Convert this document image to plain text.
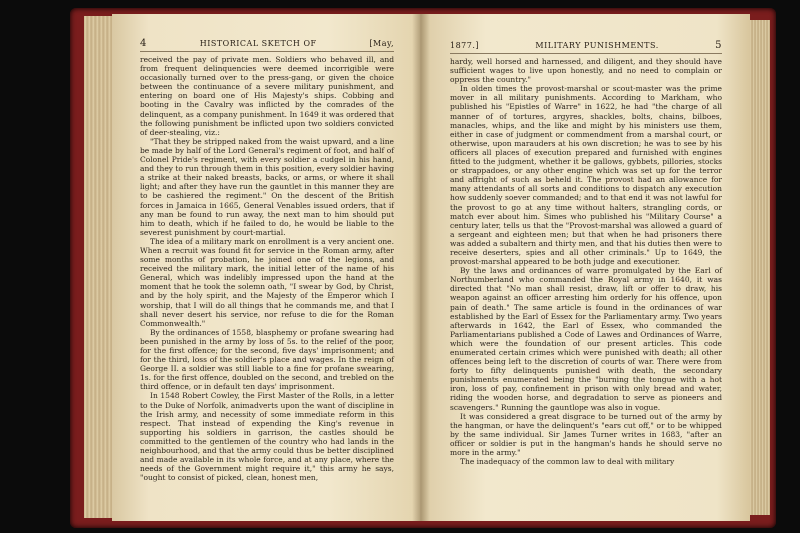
4	HISTORICAL SKETCH OF	[May,

received the pay of private men. Soldiers who behaved ill, and from frequent delinquencies were deemed incorrigible were occasionally turned over to the press-gang, or given the choice between the continuance of a severe military punishment, and entering on board one of His Majesty's ships. Cobbing and booting in the Cavalry was inflicted by the comrades of the delinquent, as a company punishment. In 1649 it was ordered that the following punishment be inflicted upon two soldiers convicted of deer-stealing, viz.:

"That they be stripped naked from the waist upward, and a line be made by half of the Lord General's regiment of foot, and half of Colonel Pride's regiment, with every soldier a cudgel in his hand, and they to run through them in this position, every soldier having a strike at their naked breasts, backs, or arms, or where it shall light; and after they have run the gauntlet in this manner they are to be cashiered the regiment." On the descent of the British forces in Jamaica in 1665, General Venables issued orders, that if any man be found to run away, the next man to him should put him to death, which if he failed to do, he would be liable to the severest punishment by court-martial.

The idea of a military mark on enrollment is a very ancient one. When a recruit was found fit for service in the Roman army, after some months of probation, he joined one of the legions, and received the military mark, the initial letter of the name of his General, which was indelibly impressed upon the hand at the moment that he took the solemn oath, "I swear by God, by Christ, and by the holy spirit, and the Majesty of the Emperor which I worship, that I will do all things that he commands me, and that I shall never desert his service, nor refuse to die for the Roman Commonwealth."

By the ordinances of 1558, blasphemy or profane swearing had been punished in the army by loss of 5s. to the relief of the poor, for the first offence; for the second, five days' imprisonment; and for the third, loss of the soldier's place and wages. In the reign of George II. a soldier was still liable to a fine for profane swearing, 1s. for the first offence, doubled on the second, and trebled on the third offence, or in default ten days' imprisonment.

In 1548 Robert Cowley, the First Master of the Rolls, in a letter to the Duke of Norfolk, animadverts upon the want of discipline in the Irish army, and necessity of some immediate reform in this respect. That instead of expending the King's revenue in supporting his soldiers in garrison, the castles should be committed to the gentlemen of the country who had lands in the neighbourhood, and that the army could thus be better disciplined and made available in its whole force, and at any place, where the needs of the Government might require it," this army he says, "ought to consist of picked, clean, honest men,

1877.]	MILITARY PUNISHMENTS.	5

hardy, well horsed and harnessed, and diligent, and they should have sufficient wages to live upon honestly, and no need to complain or oppress the country."

In olden times the provost-marshal or scout-master was the prime mover in all military punishments. According to Markham, who published his "Epistles of Warre" in 1622, he had "the charge of all manner of of tortures, argyres, shackles, bolts, chains, bilboes, manacles, whips, and the like and might by his ministers use them, either in case of judgment or commendment from a marshal court, or otherwise, upon marauders at his own discretion; he was to see by his officers all places of execution prepared and furnished with engines fitted to the judgment, whether it be gallows, gybbets, pillories, stocks or strappadoes, or any other engine which was set up for the terror and affright of such as beheld it. The provost had an allowance for many attendants of all sorts and conditions to dispatch any execution how suddenly soever commanded; and to that end it was not lawful for the provost to go at any time without halters, strangling cords, or match ever about him. Simes who published his "Military Course" a century later, tells us that the "Provost-marshal was allowed a guard of a sergeant and eighteen men; but that when he had prisoners there was added a subaltern and thirty men, and that his duties then were to receive deserters, spies and all other criminals." Up to 1649, the provost-marshal appeared to be both judge and executioner.

By the laws and ordinances of warre promulgated by the Earl of Northumberland who commanded the Royal army in 1640, it was directed that "No man shall resist, draw, lift or offer to draw, his weapon against an officer arresting him orderly for his offence, upon pain of death." The same article is found in the ordinances of war established by the Earl of Essex for the Parliamentary army. Two years afterwards in 1642, the Earl of Essex, who commanded the Parliamentarians published a Code of Lawes and Ordinances of Warre, which were the foundation of our present articles. This code enumerated certain crimes which were punished with death; all other offences being left to the discretion of courts of war. There were from forty to fifty delinquents punished with death, the secondary punishments enumerated being the "burning the tongue with a hot iron, loss of pay, confinement in prison with only bread and water, riding the wooden horse, and degradation to serve as pioneers and scavengers." Running the gauntlope was also in vogue.

It was considered a great disgrace to be turned out of the army by the hangman, or have the delinquent's "ears cut off," or to be whipped by the same individual. Sir James Turner writes in 1683, "after an officer or soldier is put in the hangman's hands he should serve no more in the army."

The inadequacy of the common law to deal with military
